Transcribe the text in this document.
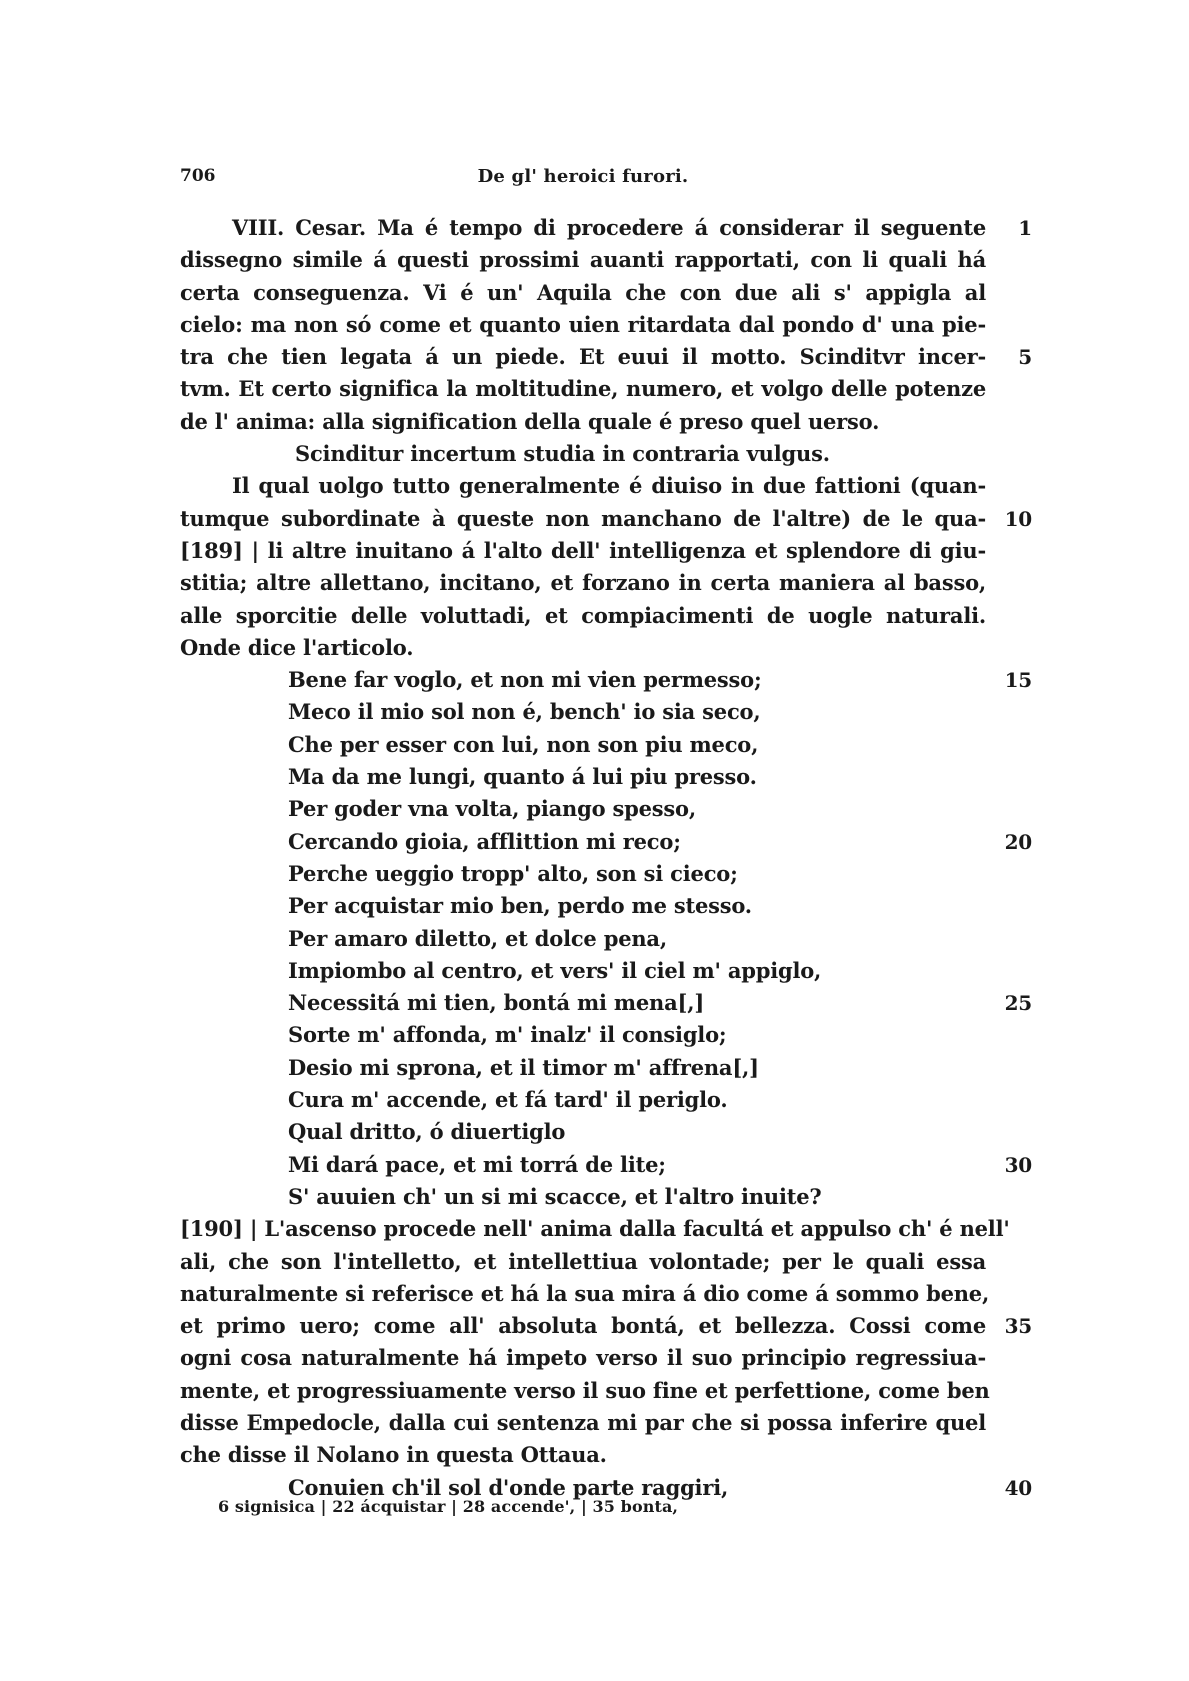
706	De gl' heroici furori.
VIII. Cesar. Ma é tempo di procedere á considerar il seguente	1
dissegno simile á questi prossimi auanti rapportati, con li quali há
certa conseguenza. Vi é un' Aquila che con due ali s' appigla al
cielo: ma non só come et quanto uien ritardata dal pondo d' una pie-
tra che tien legata á un piede. Et euui il motto. Scinditvr incer-	5
tvm. Et certo significa la moltitudine, numero, et volgo delle potenze
de l' anima: alla signification della quale é preso quel uerso.
Scinditur incertum studia in contraria vulgus.
Il qual uolgo tutto generalmente é diuiso in due fattioni (quan-
tumque subordinate à queste non manchano de l'altre) de le qua- 10
[189] | li altre inuitano á l'alto dell' intelligenza et splendore di giu-
stitia; altre allettano, incitano, et forzano in certa maniera al basso,
alle sporcitie delle voluttadi, et compiacimenti de uogle naturali.
Onde dice l'articolo.
Bene far voglo, et non mi vien permesso;	15
Meco il mio sol non é, bench' io sia seco,
Che per esser con lui, non son piu meco,
Ma da me lungi, quanto á lui piu presso.
Per goder vna volta, piango spesso,
Cercando gioia, afflittion mi reco;	20
Perche ueggio tropp' alto, son si cieco;
Per acquistar mio ben, perdo me stesso.
Per amaro diletto, et dolce pena,
Impiombo al centro, et vers' il ciel m' appiglo,
Necessitá mi tien, bontá mi mena[,]	25
Sorte m' affonda, m' inalz' il consiglo;
Desio mi sprona, et il timor m' affrena[,]
Cura m' accende, et fá tard' il periglo.
Qual dritto, ó diuertiglo
Mi dará pace, et mi torrá de lite;	30
S' auuien ch' un si mi scacce, et l'altro inuite?
[190] | L'ascenso procede nell' anima dalla facultá et appulso ch' é nell'
ali, che son l'intelletto, et intellettiua volontade; per le quali essa
naturalmente si referisce et há la sua mira á dio come á sommo bene,
et primo uero; come all' absoluta bontá, et bellezza. Cossi come 35
ogni cosa naturalmente há impeto verso il suo principio regressiua-
mente, et progressiuamente verso il suo fine et perfettione, come ben
disse Empedocle, dalla cui sentenza mi par che si possa inferire quel
che disse il Nolano in questa Ottaua.
Conuien ch'il sol d'onde parte raggiri,	40
6 signisica | 22 ácquistar | 28 accende', | 35 bonta,
